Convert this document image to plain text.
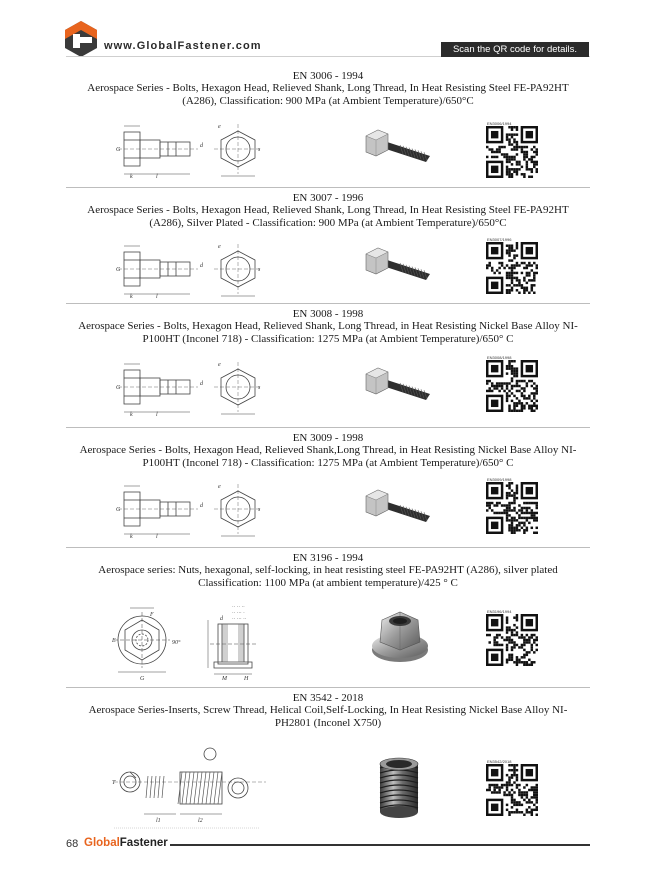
www.GlobalFastener.com	Scan the QR code for details.
EN 3006 - 1994
Aerospace Series - Bolts, Hexagon Head, Relieved Shank, Long Thread, In Heat Resisting Steel FE-PA92HT (A286), Classification: 900 MPa (at Ambient Temperature)/650°C
EN 3007 - 1996
Aerospace Series - Bolts, Hexagon Head, Relieved Shank, Long Thread, In Heat Resisting Steel FE-PA92HT (A286), Silver Plated - Classification: 900 MPa (at Ambient Temperature)/650°C
EN 3008 - 1998
Aerospace Series - Bolts, Hexagon Head, Relieved Shank, Long Thread, in Heat Resisting Nickel Base Alloy NI-P100HT (Inconel 718) - Classification: 1275 MPa (at Ambient Temperature)/650° C
EN 3009 - 1998
Aerospace Series - Bolts, Hexagon Head, Relieved Shank,Long Thread, in Heat Resisting Nickel Base Alloy NI-P100HT (Inconel 718) - Classification: 1275 MPa (at Ambient Temperature)/650° C
EN 3196 - 1994
Aerospace series: Nuts, hexagonal, self-locking, in heat resisting steel FE-PA92HT (A286), silver plated Classification: 1100 MPa (at ambient temperature)/425 ° C
EN 3542 - 2018
Aerospace Series-Inserts, Screw Thread, Helical Coil,Self-Locking, In Heat Resisting Nickel Base Alloy NI-PH2801 (Inconel X750)
G
k	l
d
s
e
G
k	l
d
s
e
G
k	l
d
s
e
G
k	l
d
s
e
F
E	90°
G
d
M	H
·· ·· ··
·· ··· ·
·· ··· ··
T
l1	l2
EN3006/1994
EN3007/1996
EN3008/1998
EN3009/1998
EN3196/1994
EN3542/2018
68 GlobalFastener
